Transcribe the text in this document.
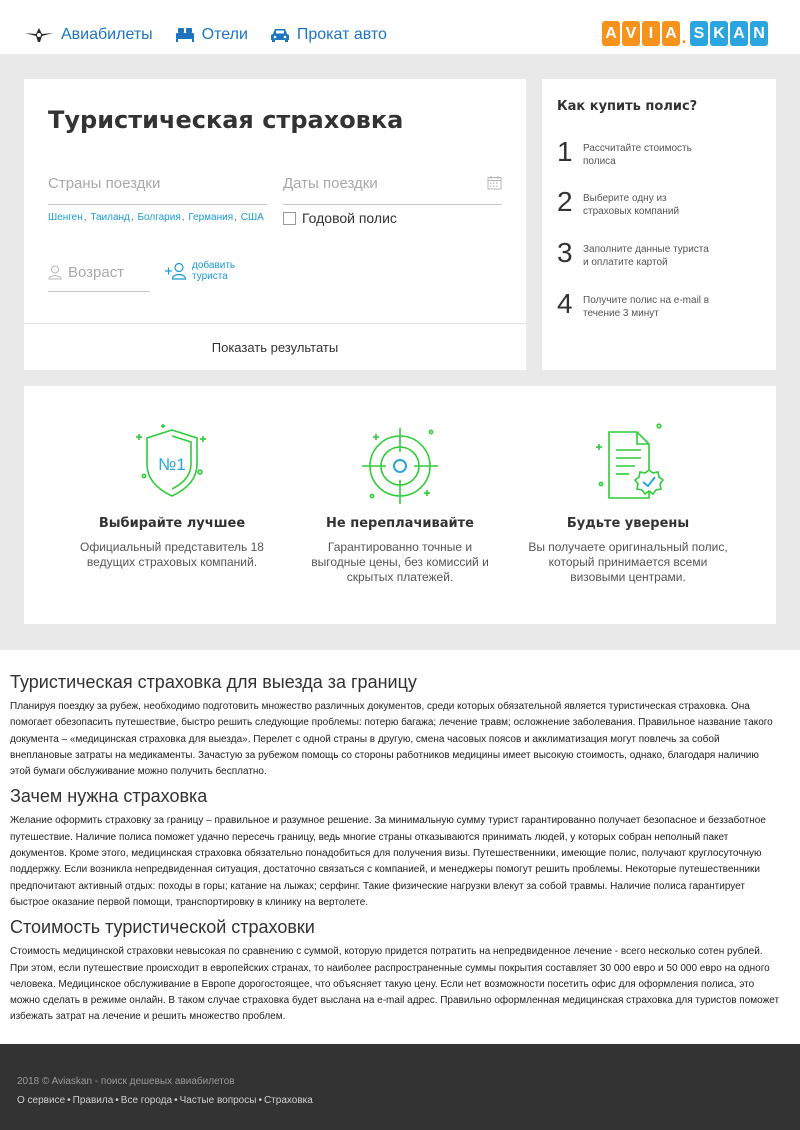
Авиабилеты	Отели	Прокат авто	A V I A . S K A N
Туристическая страховка
Страны поездки
Шенген, Таиланд, Болгария, Германия, США
Даты поездки	Годовой полис
Возраст
добавить туриста
Показать результаты
Как купить полис?
1	Рассчитайте стоимость полиса
2	Выберите одну из страховых компаний
3	Заполните данные туриста и оплатите картой
4	Получите полис на e-mail в течение 3 минут
№1
Выбирайте лучшее
Официальный представитель 18 ведущих страховых компаний.
Не переплачивайте
Гарантированно точные и выгодные цены, без комиссий и скрытых платежей.
Будьте уверены
Вы получаете оригинальный полис, который принимается всеми визовыми центрами.
Туристическая страховка для выезда за границу

Планируя поездку за рубеж, необходимо подготовить множество различных документов, среди которых обязательной является туристическая страховка. Она помогает обезопасить путешествие, быстро решить следующие проблемы: потерю багажа; лечение травм; осложнение заболевания. Правильное название такого документа – «медицинская страховка для выезда». Перелет с одной страны в другую, смена часовых поясов и акклиматизация могут повлечь за собой внеплановые затраты на медикаменты. Зачастую за рубежом помощь со стороны работников медицины имеет высокую стоимость, однако, благодаря наличию этой бумаги обслуживание можно получить бесплатно.

Зачем нужна страховка

Желание оформить страховку за границу – правильное и разумное решение. За минимальную сумму турист гарантированно получает безопасное и беззаботное путешествие. Наличие полиса поможет удачно пересечь границу, ведь многие страны отказываются принимать людей, у которых собран неполный пакет документов. Кроме этого, медицинская страховка обязательно понадобиться для получения визы. Путешественники, имеющие полис, получают круглосуточную поддержку. Если возникла непредвиденная ситуация, достаточно связаться с компанией, и менеджеры помогут решить проблемы. Некоторые путешественники предпочитают активный отдых: походы в горы; катание на лыжах; серфинг. Такие физические нагрузки влекут за собой травмы. Наличие полиса гарантирует быстрое оказание первой помощи, транспортировку в клинику на вертолете.

Стоимость туристической страховки

Стоимость медицинской страховки невысокая по сравнению с суммой, которую придется потратить на непредвиденное лечение - всего несколько сотен рублей. При этом, если путешествие происходит в европейских странах, то наиболее распространенные суммы покрытия составляет 30 000 евро и 50 000 евро на одного человека. Медицинское обслуживание в Европе дорогостоящее, что объясняет такую цену. Если нет возможности посетить офис для оформления полиса, это можно сделать в режиме онлайн. В таком случае страховка будет выслана на e-mail адрес. Правильно оформленная медицинская страховка для туристов поможет избежать затрат на лечение и решить множество проблем.

2018 © Aviaskan - поиск дешевых авиабилетов
О сервисе • Правила • Все города • Частые вопросы • Страховка
